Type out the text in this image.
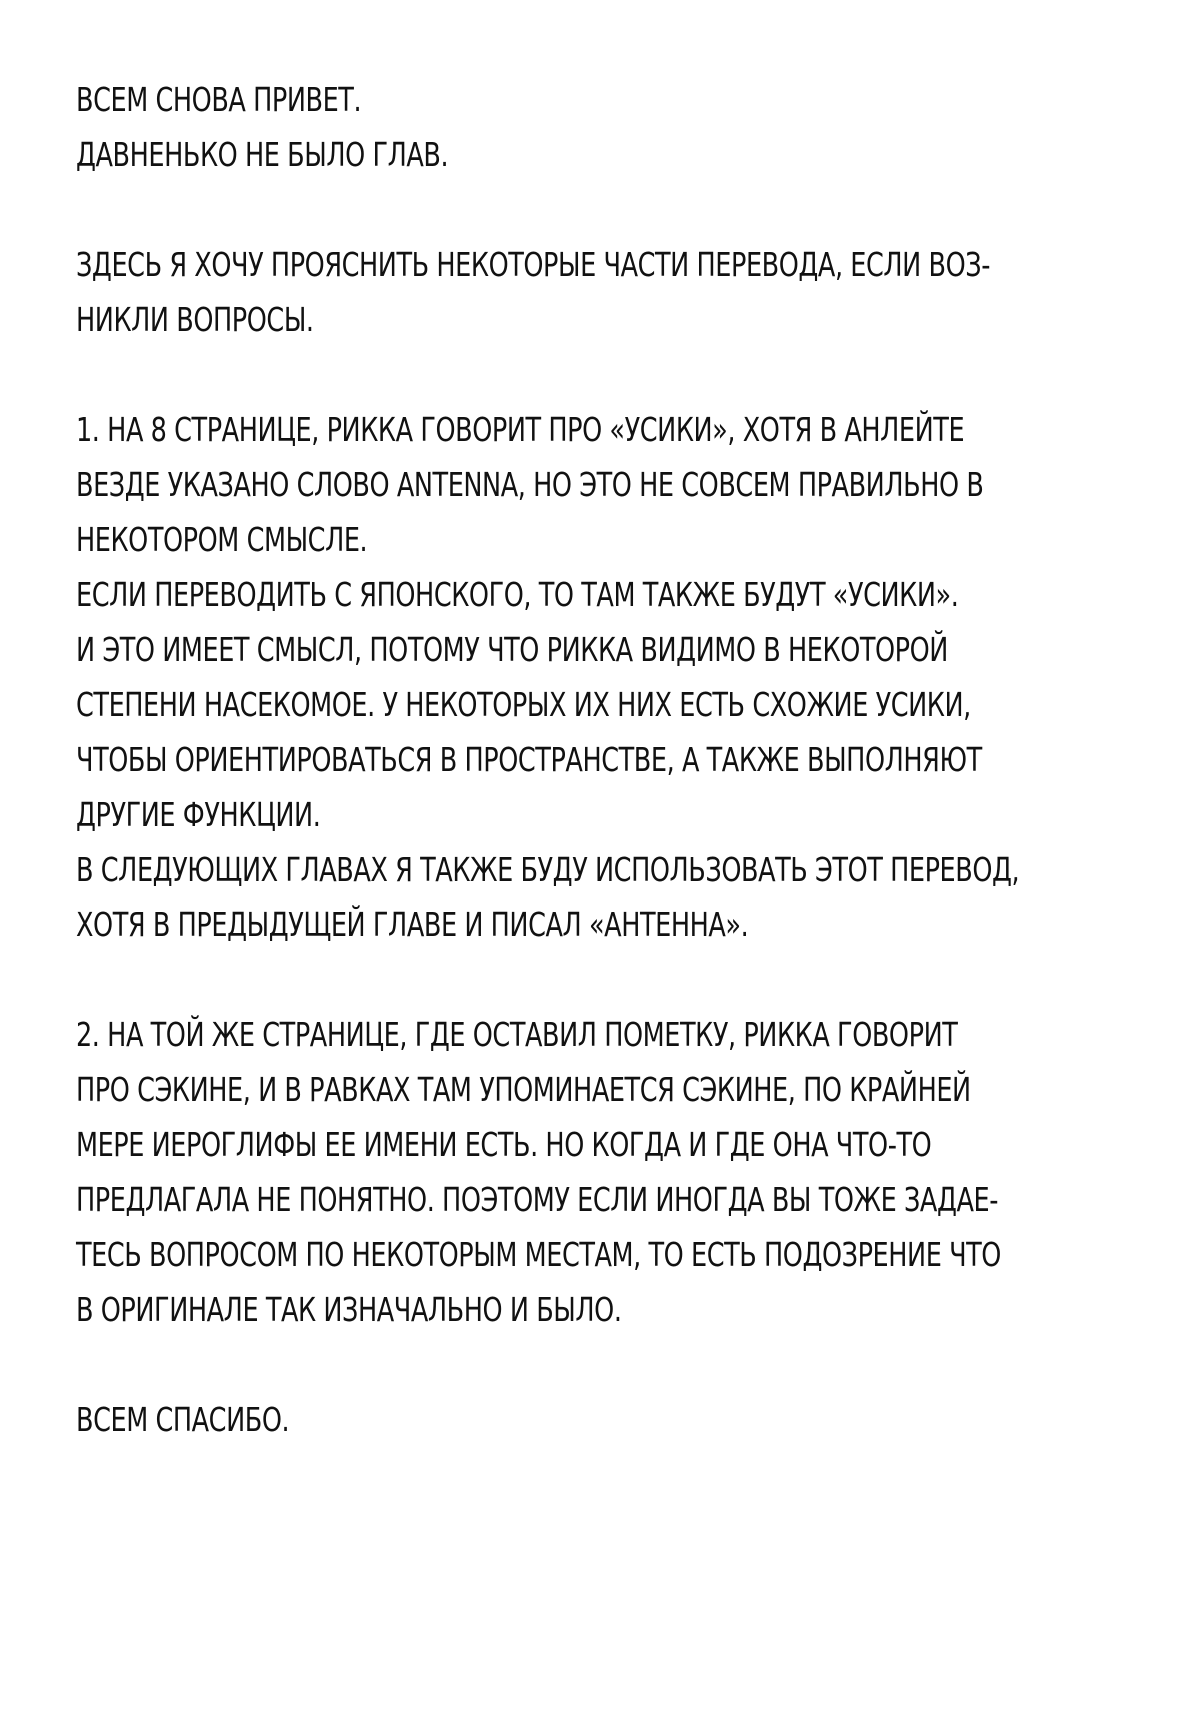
ВСЕМ СНОВА ПРИВЕТ.
ДАВНЕНЬКО НЕ БЫЛО ГЛАВ.
ЗДЕСЬ Я ХОЧУ ПРОЯСНИТЬ НЕКОТОРЫЕ ЧАСТИ ПЕРЕВОДА, ЕСЛИ ВОЗ-
НИКЛИ ВОПРОСЫ.
1. НА 8 СТРАНИЦЕ, РИККА ГОВОРИТ ПРО «УСИКИ», ХОТЯ В АНЛЕЙТЕ
ВЕЗДЕ УКАЗАНО СЛОВО ANTENNA, НО ЭТО НЕ СОВСЕМ ПРАВИЛЬНО В
НЕКОТОРОМ СМЫСЛЕ.
ЕСЛИ ПЕРЕВОДИТЬ С ЯПОНСКОГО, ТО ТАМ ТАКЖЕ БУДУТ «УСИКИ».
И ЭТО ИМЕЕТ СМЫСЛ, ПОТОМУ ЧТО РИККА ВИДИМО В НЕКОТОРОЙ
СТЕПЕНИ НАСЕКОМОЕ. У НЕКОТОРЫХ ИХ НИХ ЕСТЬ СХОЖИЕ УСИКИ,
ЧТОБЫ ОРИЕНТИРОВАТЬСЯ В ПРОСТРАНСТВЕ, А ТАКЖЕ ВЫПОЛНЯЮТ
ДРУГИЕ ФУНКЦИИ.
В СЛЕДУЮЩИХ ГЛАВАХ Я ТАКЖЕ БУДУ ИСПОЛЬЗОВАТЬ ЭТОТ ПЕРЕВОД,
ХОТЯ В ПРЕДЫДУЩЕЙ ГЛАВЕ И ПИСАЛ «АНТЕННА».
2. НА ТОЙ ЖЕ СТРАНИЦЕ, ГДЕ ОСТАВИЛ ПОМЕТКУ, РИККА ГОВОРИТ
ПРО СЭКИНЕ, И В РАВКАХ ТАМ УПОМИНАЕТСЯ СЭКИНЕ, ПО КРАЙНЕЙ
МЕРЕ ИЕРОГЛИФЫ ЕЕ ИМЕНИ ЕСТЬ. НО КОГДА И ГДЕ ОНА ЧТО-ТО
ПРЕДЛАГАЛА НЕ ПОНЯТНО. ПОЭТОМУ ЕСЛИ ИНОГДА ВЫ ТОЖЕ ЗАДАЕ-
ТЕСЬ ВОПРОСОМ ПО НЕКОТОРЫМ МЕСТАМ, ТО ЕСТЬ ПОДОЗРЕНИЕ ЧТО
В ОРИГИНАЛЕ ТАК ИЗНАЧАЛЬНО И БЫЛО.
ВСЕМ СПАСИБО.
